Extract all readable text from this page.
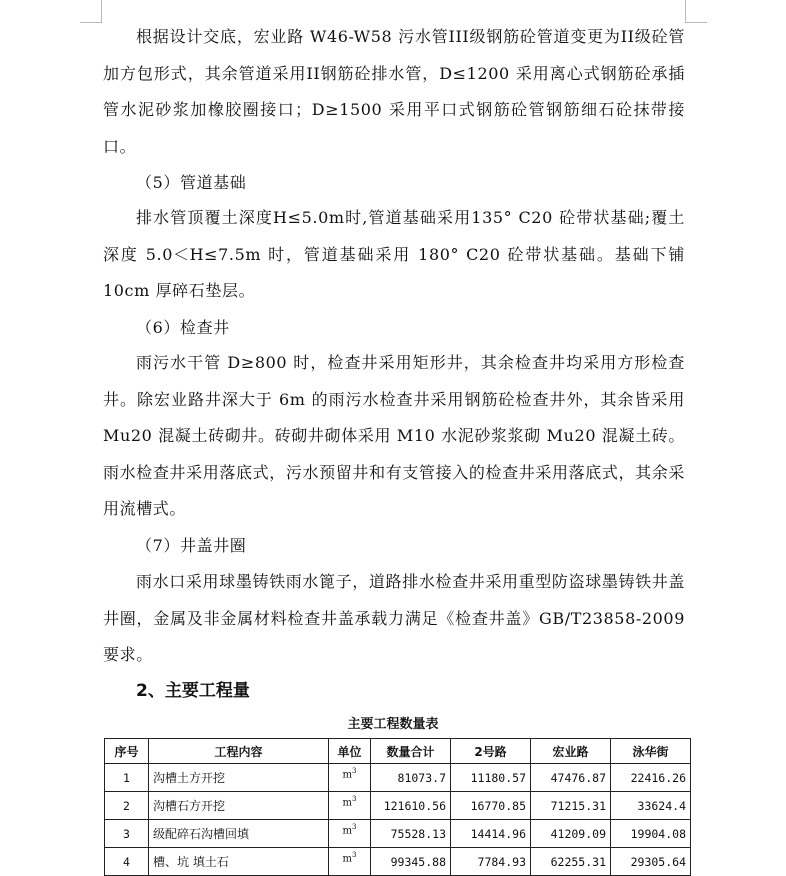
根据设计交底，宏业路 W46-W58 污水管III级钢筋砼管道变更为II级砼管加方包形式，其余管道采用II钢筋砼排水管，D≤1200 采用离心式钢筋砼承插管水泥砂浆加橡胶圈接口；D≥1500 采用平口式钢筋砼管钢筋细石砼抹带接口。

（5）管道基础

排水管顶覆土深度H≤5.0m时,管道基础采用135° C20 砼带状基础;覆土深度 5.0＜H≤7.5m 时，管道基础采用 180° C20 砼带状基础。基础下铺 10cm 厚碎石垫层。

（6）检查井

雨污水干管 D≥800 时，检查井采用矩形井，其余检查井均采用方形检查井。除宏业路井深大于 6m 的雨污水检查井采用钢筋砼检查井外，其余皆采用 Mu20 混凝土砖砌井。砖砌井砌体采用 M10 水泥砂浆浆砌 Mu20 混凝土砖。雨水检查井采用落底式，污水预留井和有支管接入的检查井采用落底式，其余采用流槽式。

（7）井盖井圈

雨水口采用球墨铸铁雨水篦子，道路排水检查井采用重型防盗球墨铸铁井盖井圈，金属及非金属材料检查井盖承载力满足《检查井盖》GB/T23858-2009 要求。

2、主要工程量

主要工程数量表

序号	工程内容	单位	数量合计	2号路	宏业路	泳华街
1	沟槽土方开挖	$m^3$	81073.7	11180.57	47476.87	22416.26
2	沟槽石方开挖	$m^3$	121610.56	16770.85	71215.31	33624.4
3	级配碎石沟槽回填	$m^3$	75528.13	14414.96	41209.09	19904.08
4	槽、坑 填土石	$m^3$	99345.88	7784.93	62255.31	29305.64
